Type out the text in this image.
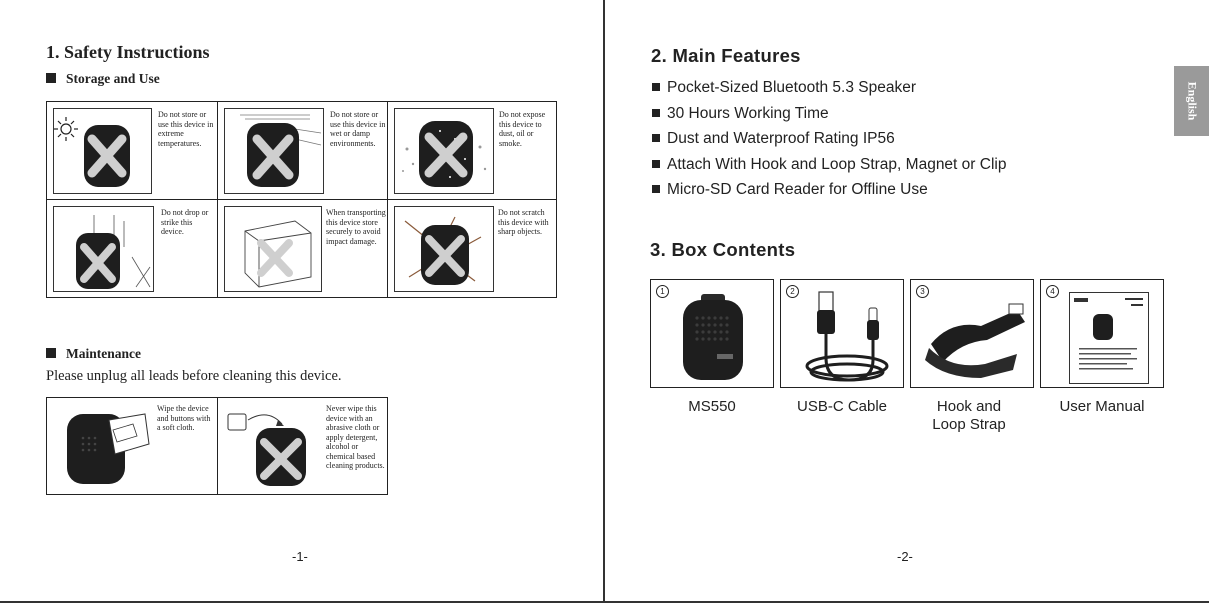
1. Safety Instructions
Storage and Use
Do not store or use this device in extreme temperatures.
Do not store or use this device in wet or damp environments.
Do not expose this device to dust, oil or smoke.
Do not drop or strike this device.
When transporting this device store securely to avoid impact damage.
Do not scratch this device with sharp objects.
Maintenance
Please unplug all leads before cleaning this device.
Wipe the device and buttons with a soft cloth.
Never wipe this device with an abrasive cloth or apply detergent, alcohol or chemical based cleaning products.
-1-
2. Main Features

Pocket-Sized Bluetooth 5.3 Speaker

30 Hours Working Time

Dust and Waterproof Rating IP56

Attach With Hook and Loop Strap, Magnet or Clip

Micro-SD Card Reader for Offline Use

3. Box Contents
1	2	3	4
MS550	USB-C Cable	Hook and Loop Strap
User Manual
English
-2-
